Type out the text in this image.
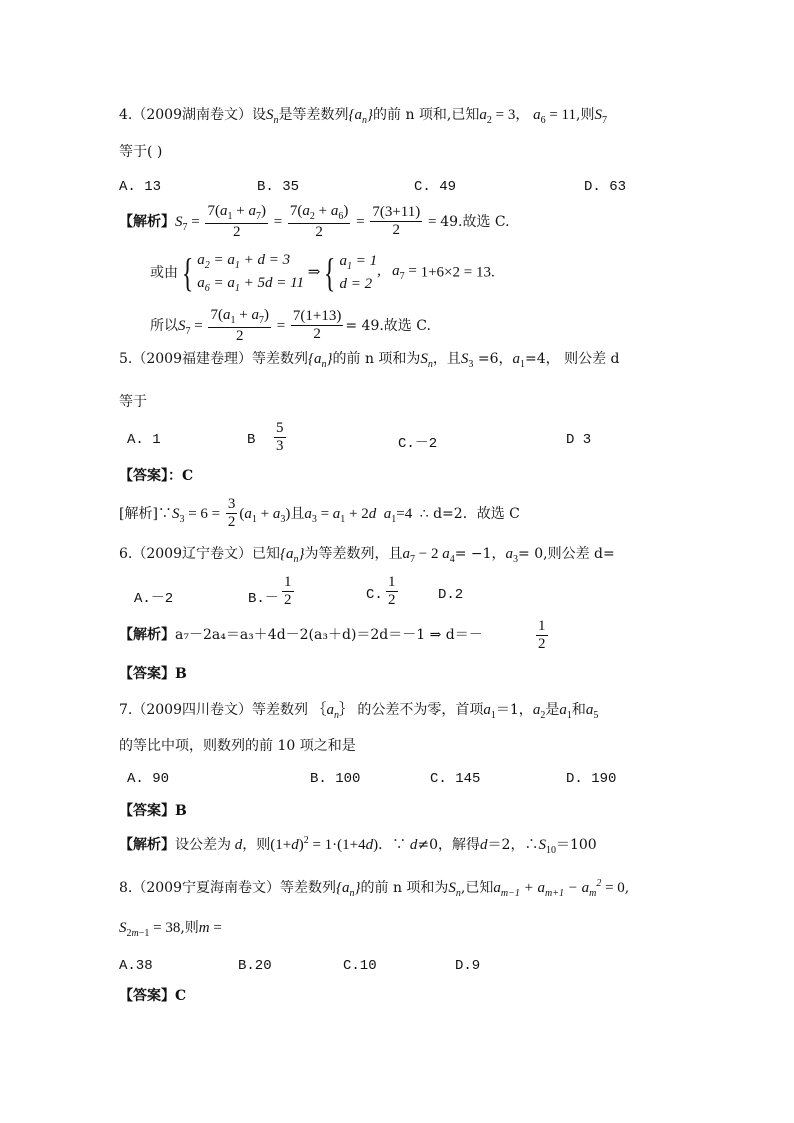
4.（2009湖南卷文）设$S_n$是等差数列$\{a_n\}$的前 n 项和,已知$a_2 = 3$， $a_6 = 11$,则$S_7$
等于( )
A. 13	B. 35	C. 49	D. 63
【解析】$S_7 = \frac{7(a_1 + a_7)}{2} = \frac{7(a_2 + a_6)}{2} = \frac{7(3+11)}{2} = 49$.故选 C.
或由{ $a_2 = a_1 + d = 3$
$a_6 = a_1 + 5d = 11$ ⇒{ $a_1 = 1$
d = 2,   $a_7 = 1+6\times 2 = 13$.
所以$S_7 = \frac{7(a_1 + a_7)}{2} = \frac{7(1+13)}{2} = 49$.故选 C.
5.（2009福建卷理）等差数列$\{a_n\}$的前 n 项和为$S_n$，且$S_3 =6$，$a_1=4$， 则公差 d
等于
A. 1	B $\frac{5}{3}$	C.－2	D 3
【答案】：C
[解析]$\because S_3 = 6 = \frac{3}{2} (a_1 + a_3)$且$a_3 = a_1 + 2d$ $a_1=4$  ∴ d=2．故选 C
6.（2009辽宁卷文）已知$\{a_n\}$为等差数列，且$a_7 - 2$ $a_4= -1$，$a_3= 0$,则公差 d=
A.－2	$B.- \frac{1}{2}$	C. $\frac{1}{2}$	D.2
【解析】a₇－2a₄＝a₃＋4d－2(a₃＋d)＝2d＝－1 ⇒ d＝－	$\frac{1}{2}$
【答案】B
7.（2009四川卷文）等差数列 $\{a_n\}$ 的公差不为零，首项$a_1=1$，$a_2$是$a_1$和$a_5$
的等比中项，则数列的前 10 项之和是
A. 90	B. 100	C. 145	D. 190
【答案】B
【解析】设公差为 d，则$(1+d)^2 = 1\cdot(1+4d)$．∵ d≠0，解得d＝2，$\therefore S_{10}=100$
8.（2009宁夏海南卷文）等差数列$\{a_n\}$的前 n 项和为$S_n$,已知$a_{m-1} + a_{m+1} - a_m^2 = 0$,
$S_{2m-1} = 38$,则m =
A.38	B.20	C.10	D.9
【答案】C
